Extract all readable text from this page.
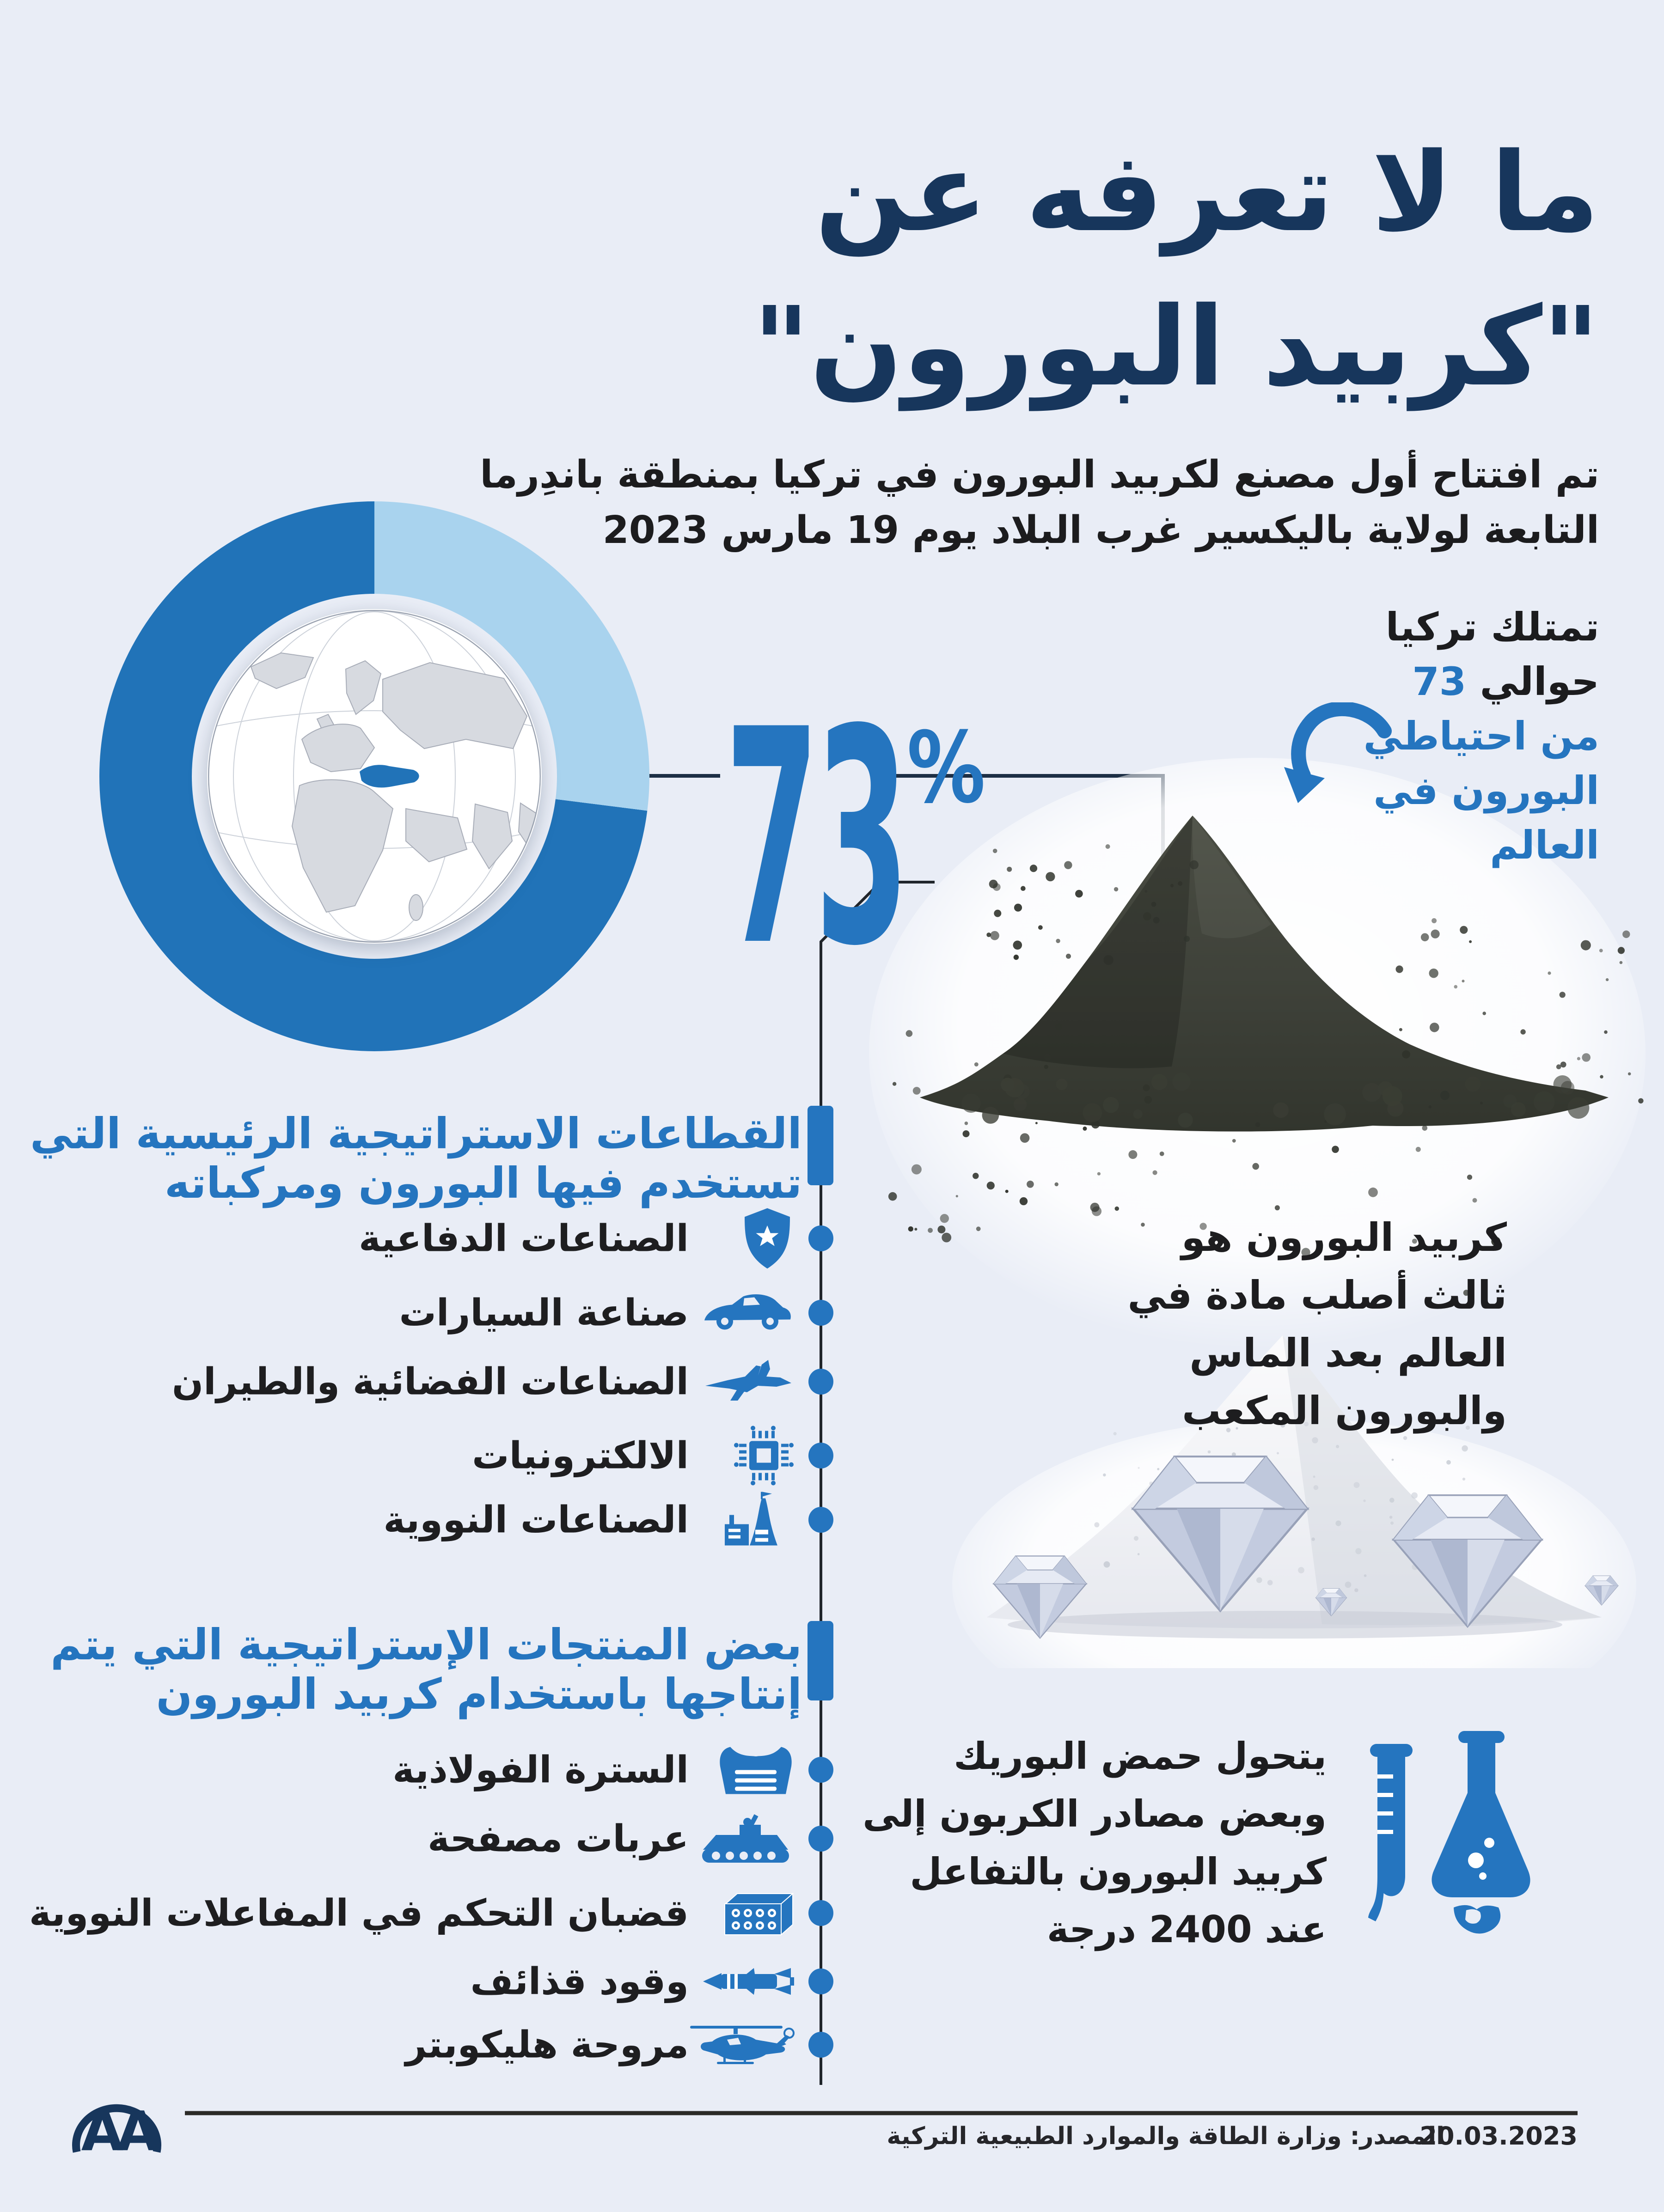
ما لا تعرفه عن
"كربيد البورون"
تم افتتاح أول مصنع لكربيد البورون في تركيا بمنطقة باندِرما
التابعة لولاية باليكسير غرب البلاد يوم 19 مارس 2023
73 %
تمتلك تركيا
حوالي 73
من احتياطي
البورون في
العالم
كربيد البورون هو
ثالث أصلب مادة في
العالم بعد الماس
والبورون المكعب
القطاعات الاستراتيجية الرئيسية التي
تستخدم فيها البورون ومركباته
الصناعات الدفاعية
صناعة السيارات
الصناعات الفضائية والطيران
الالكترونيات
الصناعات النووية
بعض المنتجات الإستراتيجية التي يتم
إنتاجها باستخدام كربيد البورون
السترة الفولاذية
عربات مصفحة
قضبان التحكم في المفاعلات النووية
وقود قذائف
مروحة هليكوبتر
يتحول حمض البوريك
وبعض مصادر الكربون إلى
كربيد البورون بالتفاعل
عند 2400 درجة
AA	المصدر: وزارة الطاقة والموارد الطبيعية التركية
20.03.2023
